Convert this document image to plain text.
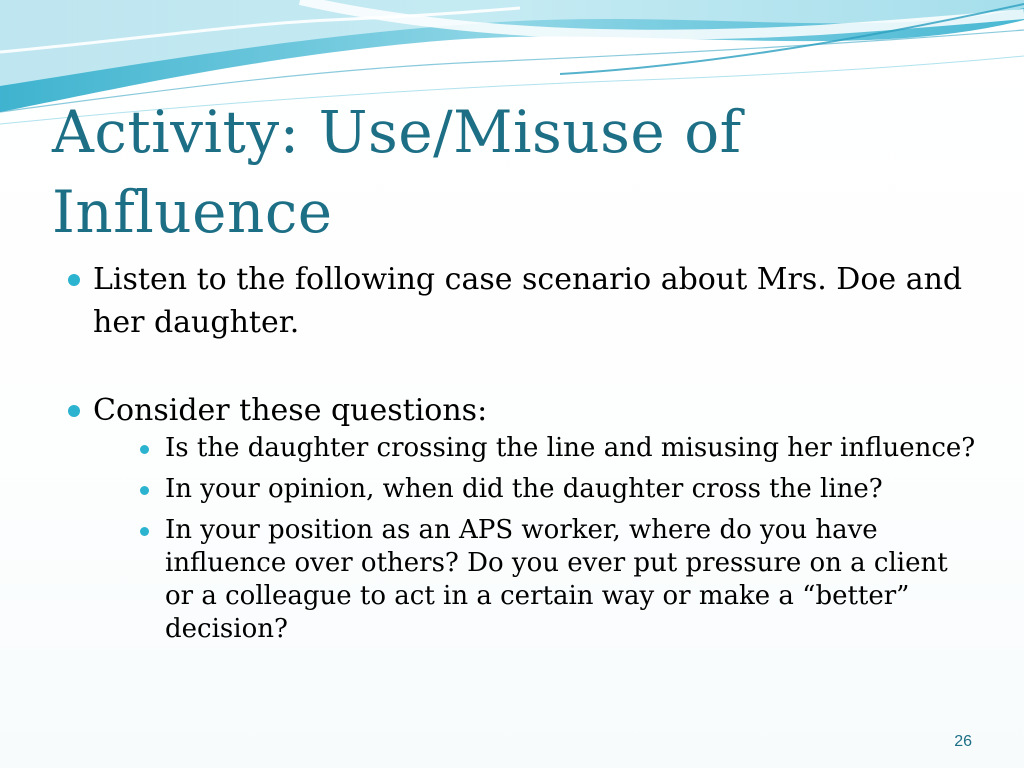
Activity: Use/Misuse of Influence
Listen to the following case scenario about Mrs. Doe and her daughter.
Consider these questions:
Is the daughter crossing the line and misusing her influence?
In your opinion, when did the daughter cross the line?
In your position as an APS worker, where do you have influence over others? Do you ever put pressure on a client or a colleague to act in a certain way or make a “better” decision?
26
